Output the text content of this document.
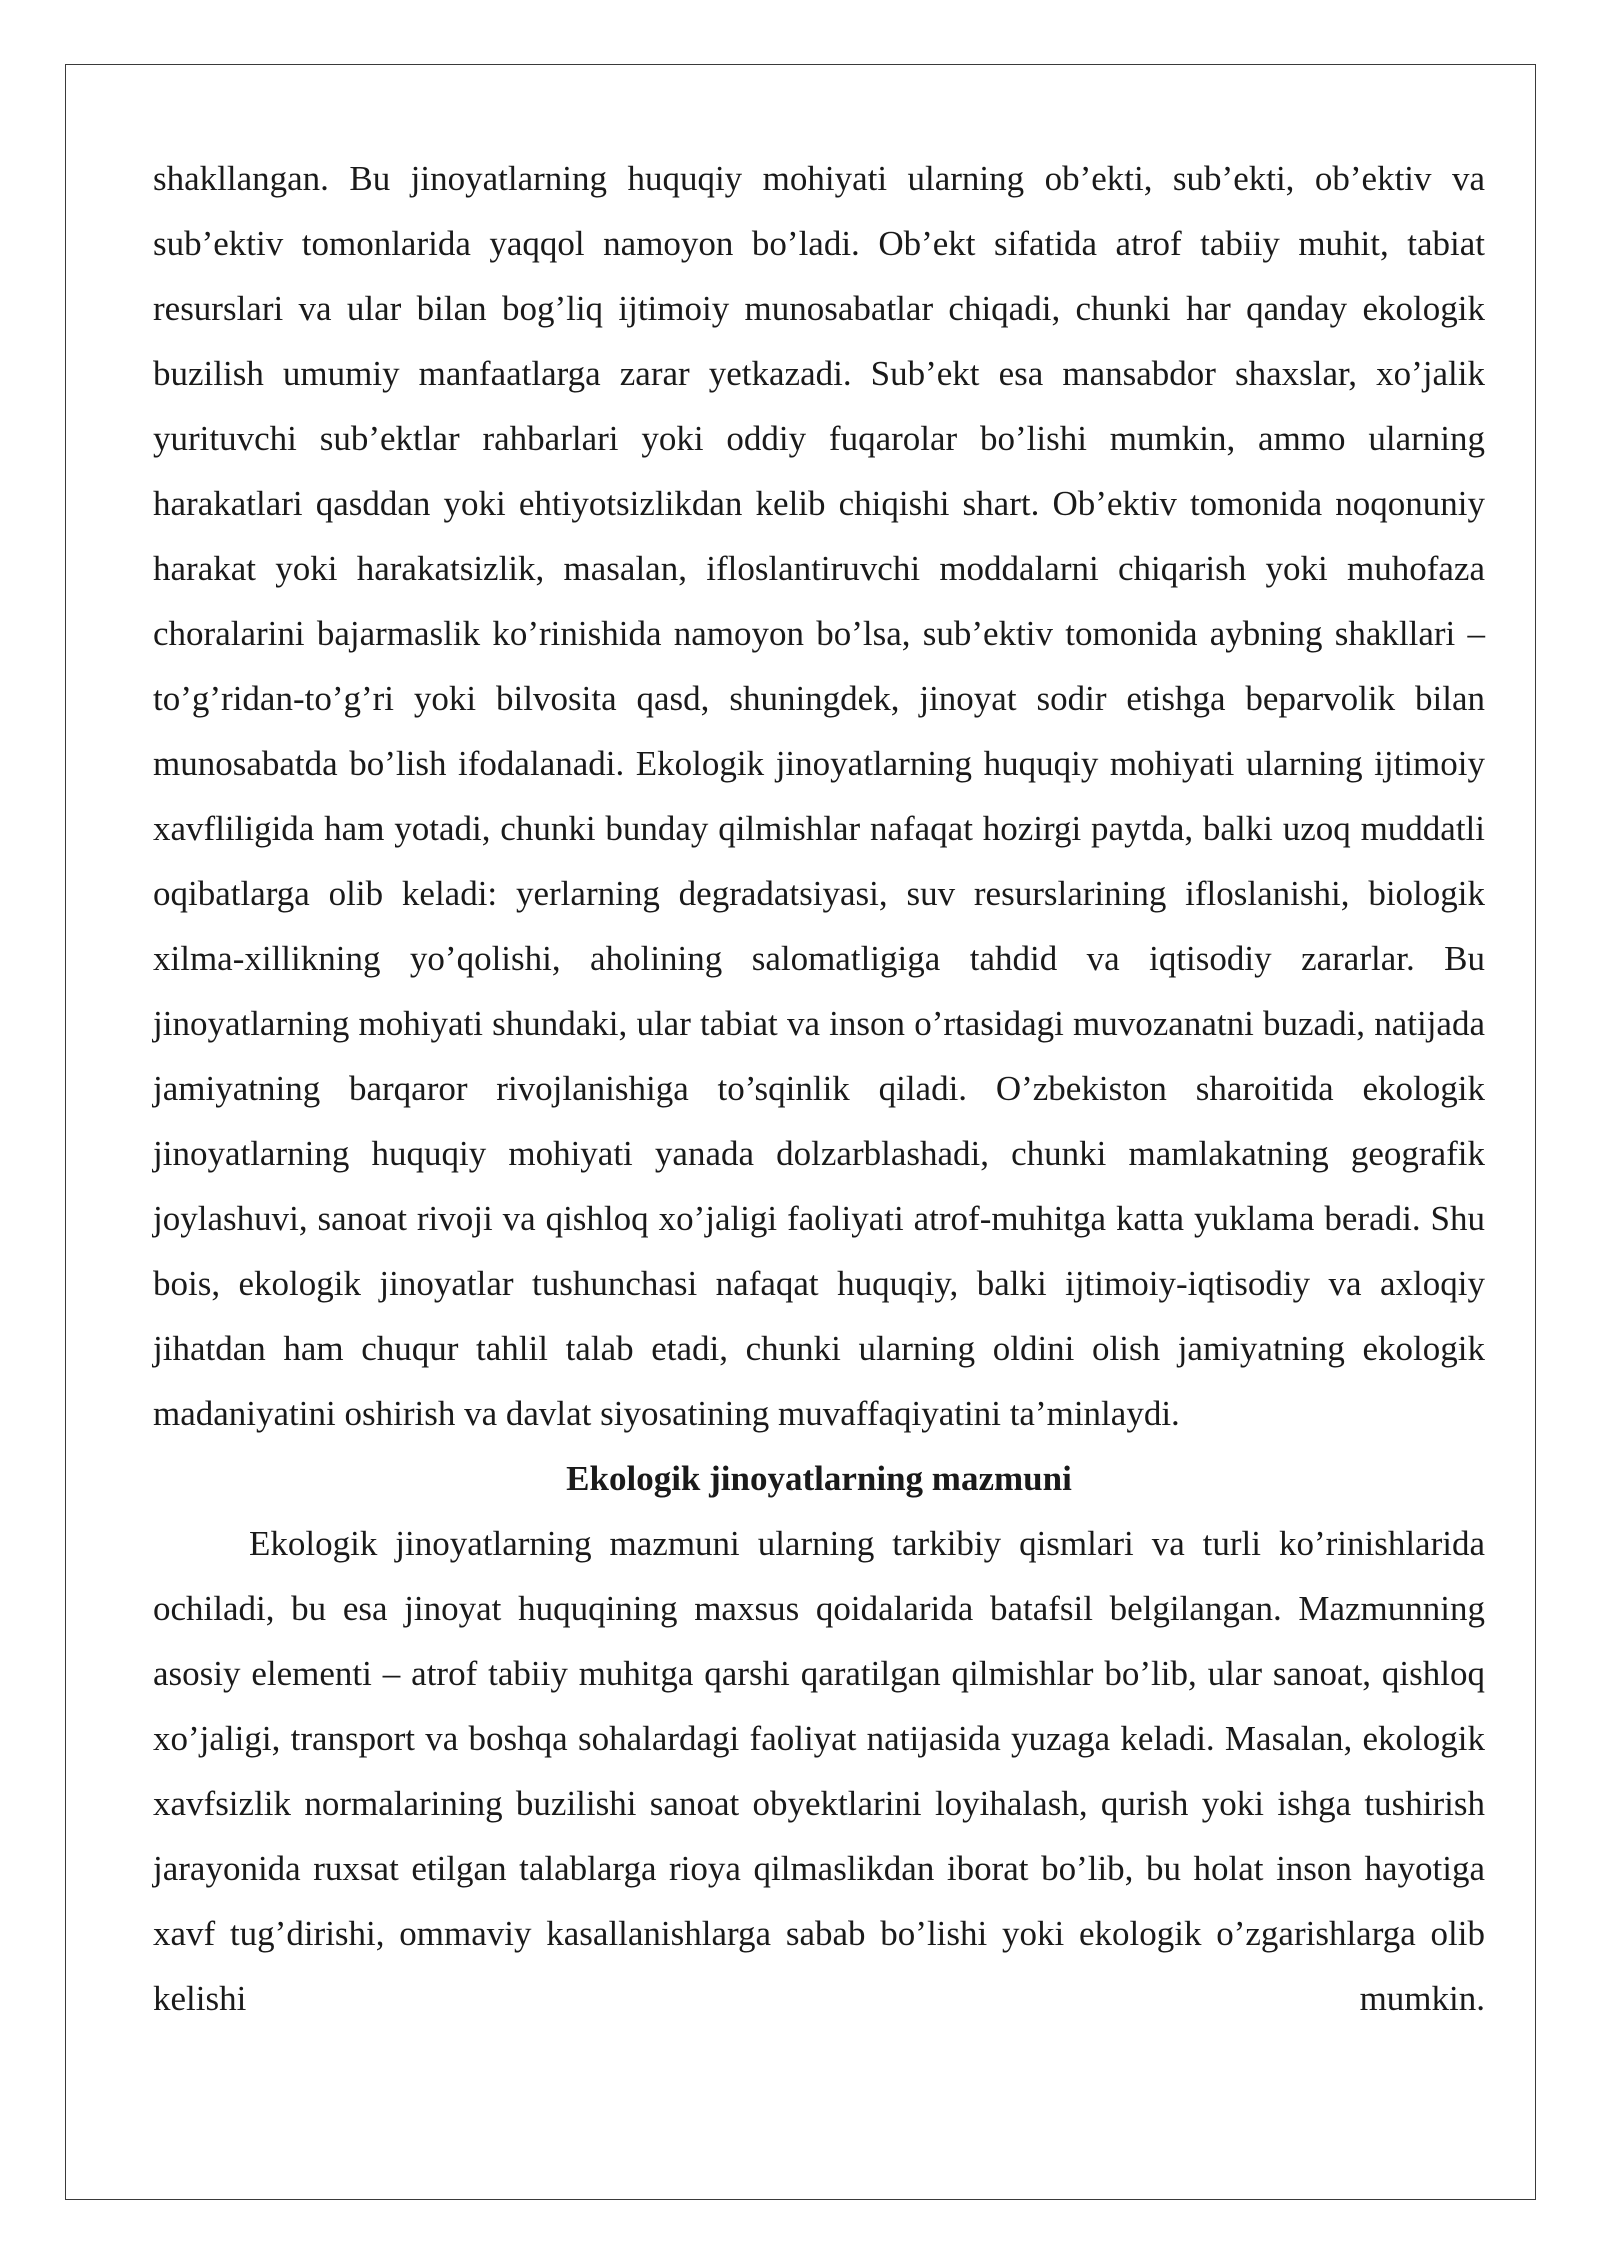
shakllangan. Bu jinoyatlarning huquqiy mohiyati ularning ob’ekti, sub’ekti, ob’ektiv va sub’ektiv tomonlarida yaqqol namoyon bo’ladi. Ob’ekt sifatida atrof tabiiy muhit, tabiat resurslari va ular bilan bog’liq ijtimoiy munosabatlar chiqadi, chunki har qanday ekologik buzilish umumiy manfaatlarga zarar yetkazadi. Sub’ekt esa mansabdor shaxslar, xo’jalik yurituvchi sub’ektlar rahbarlari yoki oddiy fuqarolar bo’lishi mumkin, ammo ularning harakatlari qasddan yoki ehtiyotsizlikdan kelib chiqishi shart. Ob’ektiv tomonida noqonuniy harakat yoki harakatsizlik, masalan, ifloslantiruvchi moddalarni chiqarish yoki muhofaza choralarini bajarmaslik ko’rinishida namoyon bo’lsa, sub’ektiv tomonida aybning shakllari – to’g’ridan-to’g’ri yoki bilvosita qasd, shuningdek, jinoyat sodir etishga beparvolik bilan munosabatda bo’lish ifodalanadi. Ekologik jinoyatlarning huquqiy mohiyati ularning ijtimoiy xavfliligida ham yotadi, chunki bunday qilmishlar nafaqat hozirgi paytda, balki uzoq muddatli oqibatlarga olib keladi: yerlarning degradatsiyasi, suv resurslarining ifloslanishi, biologik xilma-xillikning yo’qolishi, aholining salomatligiga tahdid va iqtisodiy zararlar. Bu jinoyatlarning mohiyati shundaki, ular tabiat va inson o’rtasidagi muvozanatni buzadi, natijada jamiyatning barqaror rivojlanishiga to’sqinlik qiladi. O’zbekiston sharoitida ekologik jinoyatlarning huquqiy mohiyati yanada dolzarblashadi, chunki mamlakatning geografik joylashuvi, sanoat rivoji va qishloq xo’jaligi faoliyati atrof-muhitga katta yuklama beradi. Shu bois, ekologik jinoyatlar tushunchasi nafaqat huquqiy, balki ijtimoiy-iqtisodiy va axloqiy jihatdan ham chuqur tahlil talab etadi, chunki ularning oldini olish jamiyatning ekologik madaniyatini oshirish va davlat siyosatining muvaffaqiyatini ta’minlaydi.

Ekologik jinoyatlarning mazmuni

Ekologik jinoyatlarning mazmuni ularning tarkibiy qismlari va turli ko’rinishlarida ochiladi, bu esa jinoyat huquqining maxsus qoidalarida batafsil belgilangan. Mazmunning asosiy elementi – atrof tabiiy muhitga qarshi qaratilgan qilmishlar bo’lib, ular sanoat, qishloq xo’jaligi, transport va boshqa sohalardagi faoliyat natijasida yuzaga keladi. Masalan, ekologik xavfsizlik normalarining buzilishi sanoat obyektlarini loyihalash, qurish yoki ishga tushirish jarayonida ruxsat etilgan talablarga rioya qilmaslikdan iborat bo’lib, bu holat inson hayotiga xavf tug’dirishi, ommaviy kasallanishlarga sabab bo’lishi yoki ekologik o’zgarishlarga olib kelishi mumkin.
